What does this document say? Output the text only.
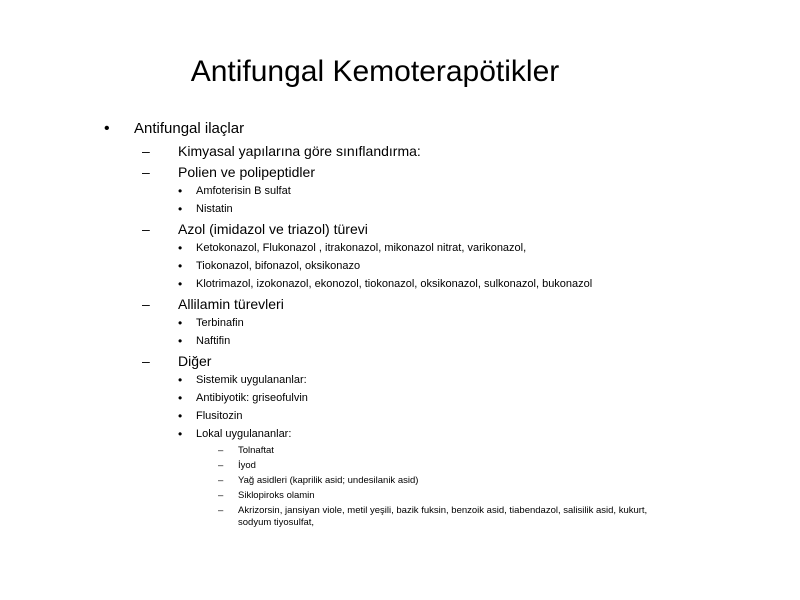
Antifungal Kemoterapötikler
• Antifungal ilaçlar
– Kimyasal yapılarına göre sınıflandırma:
– Polien ve polipeptidler
• Amfoterisin B sulfat
• Nistatin
– Azol (imidazol ve triazol) türevi
• Ketokonazol, Flukonazol , itrakonazol, mikonazol nitrat, varikonazol,
• Tiokonazol, bifonazol, oksikonazo
• Klotrimazol, izokonazol, ekonozol, tiokonazol, oksikonazol, sulkonazol, bukonazol
– Allilamin türevleri
• Terbinafin
• Naftifin
– Diğer
• Sistemik uygulananlar:
• Antibiyotik: griseofulvin
• Flusitozin
• Lokal uygulananlar:
– Tolnaftat
– İyod
– Yağ asidleri (kaprilik asid; undesilanik asid)
– Siklopiroks olamin
– Akrizorsin, jansiyan viole, metil yeşili, bazik fuksin, benzoik asid, tiabendazol, salisilik asid, kukurt, sodyum tiyosulfat,
